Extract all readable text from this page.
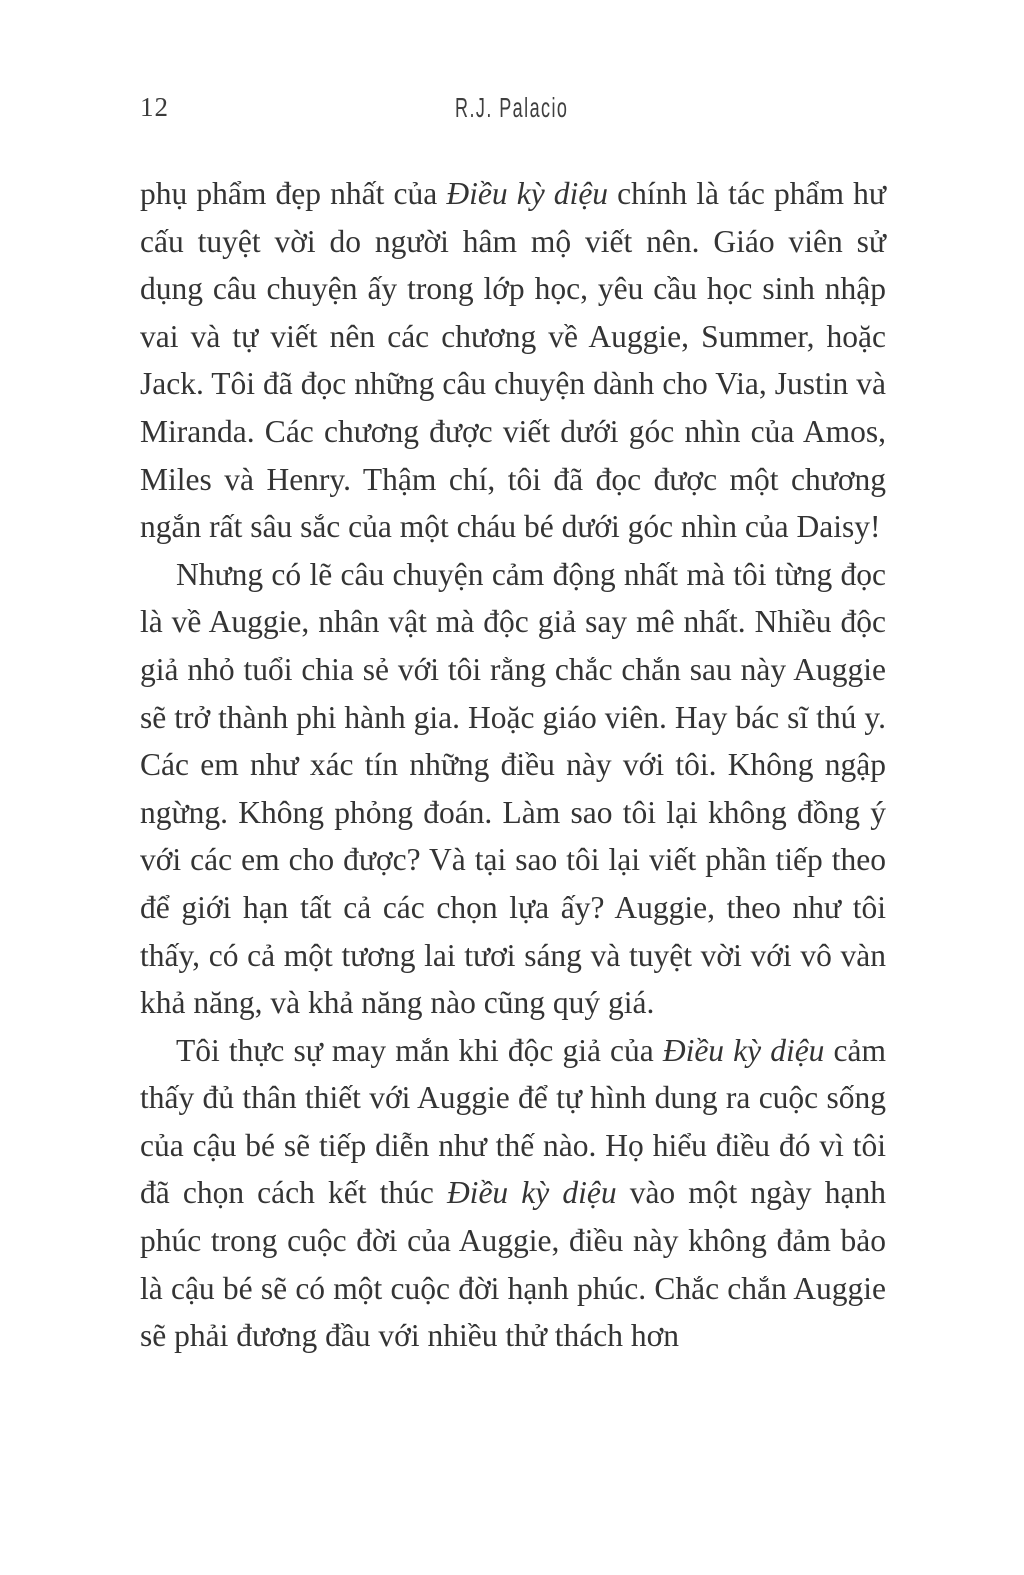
12	R.J. Palacio

phụ phẩm đẹp nhất của Điều kỳ diệu chính là tác phẩm hư cấu tuyệt vời do người hâm mộ viết nên. Giáo viên sử dụng câu chuyện ấy trong lớp học, yêu cầu học sinh nhập vai và tự viết nên các chương về Auggie, Summer, hoặc Jack. Tôi đã đọc những câu chuyện dành cho Via, Justin và Miranda. Các chương được viết dưới góc nhìn của Amos, Miles và Henry. Thậm chí, tôi đã đọc được một chương ngắn rất sâu sắc của một cháu bé dưới góc nhìn của Daisy!

Nhưng có lẽ câu chuyện cảm động nhất mà tôi từng đọc là về Auggie, nhân vật mà độc giả say mê nhất. Nhiều độc giả nhỏ tuổi chia sẻ với tôi rằng chắc chắn sau này Auggie sẽ trở thành phi hành gia. Hoặc giáo viên. Hay bác sĩ thú y. Các em như xác tín những điều này với tôi. Không ngập ngừng. Không phỏng đoán. Làm sao tôi lại không đồng ý với các em cho được? Và tại sao tôi lại viết phần tiếp theo để giới hạn tất cả các chọn lựa ấy? Auggie, theo như tôi thấy, có cả một tương lai tươi sáng và tuyệt vời với vô vàn khả năng, và khả năng nào cũng quý giá.

Tôi thực sự may mắn khi độc giả của Điều kỳ diệu cảm thấy đủ thân thiết với Auggie để tự hình dung ra cuộc sống của cậu bé sẽ tiếp diễn như thế nào. Họ hiểu điều đó vì tôi đã chọn cách kết thúc Điều kỳ diệu vào một ngày hạnh phúc trong cuộc đời của Auggie, điều này không đảm bảo là cậu bé sẽ có một cuộc đời hạnh phúc. Chắc chắn Auggie sẽ phải đương đầu với nhiều thử thách hơn
